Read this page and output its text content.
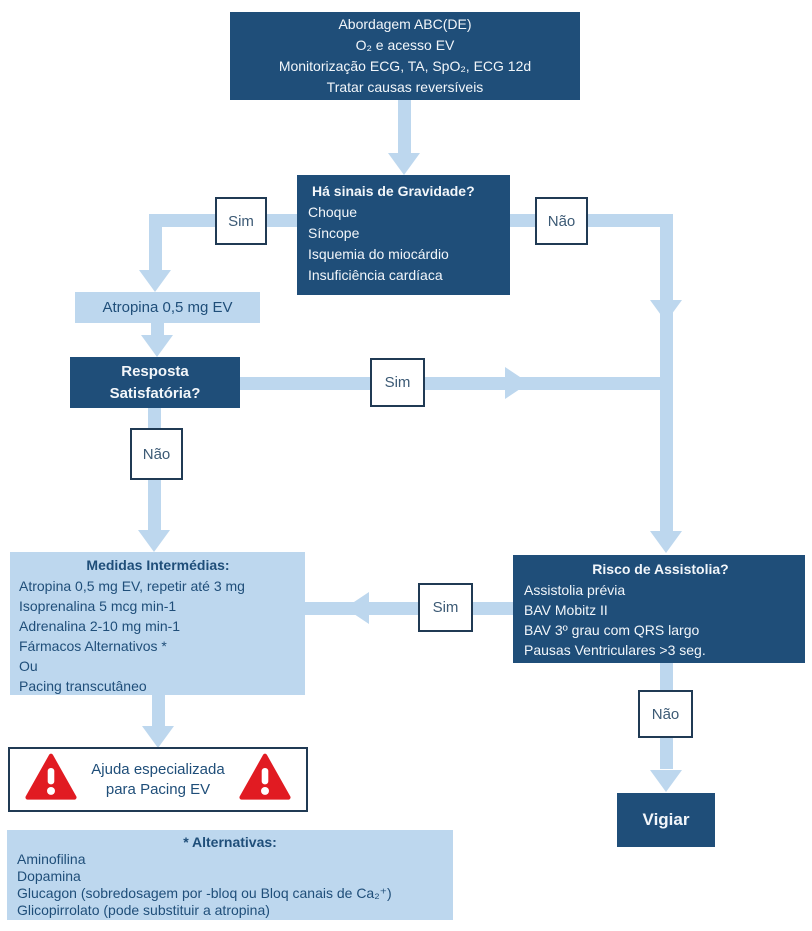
Abordagem ABC(DE)
O₂ e acesso EV
Monitorização ECG, TA, SpO₂, ECG 12d
Tratar causas reversíveis
Há sinais de Gravidade?
Choque
Síncope
Isquemia do miocárdio
Insuficiência cardíaca
Sim	Não
Atropina 0,5 mg EV
Resposta
Satisfatória?
Sim
Não
Medidas Intermédias:
Atropina 0,5 mg EV, repetir até 3 mg
Isoprenalina 5 mcg min-1
Adrenalina 2-10 mg min-1
Fármacos Alternativos *
Ou
Pacing transcutâneo
Risco de Assistolia?
Assistolia prévia
BAV Mobitz II
BAV 3º grau com QRS largo
Pausas Ventriculares >3 seg.
Sim
Não
Vigiar
Ajuda especializada
para Pacing EV
* Alternativas:
Aminofilina
Dopamina
Glucagon (sobredosagem por -bloq ou Bloq canais de Ca₂⁺)
Glicopirrolato (pode substituir a atropina)
